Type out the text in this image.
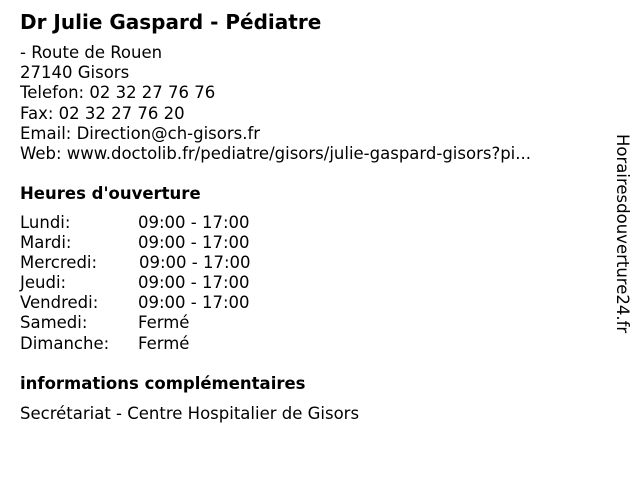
Dr Julie Gaspard - Pédiatre
- Route de Rouen
27140 Gisors
Telefon: 02 32 27 76 76
Fax: 02 32 27 76 20
Email: Direction@ch-gisors.fr
Web: www.doctolib.fr/pediatre/gisors/julie-gaspard-gisors?pi...
Heures d'ouverture
Lundi:	09:00 - 17:00
Mardi:	09:00 - 17:00
Mercredi:	09:00 - 17:00
Jeudi:	09:00 - 17:00
Vendredi: 09:00 - 17:00
Samedi:	Fermé
Dimanche: Fermé
informations complémentaires
Secrétariat - Centre Hospitalier de Gisors
Horairesdouverture24.fr
